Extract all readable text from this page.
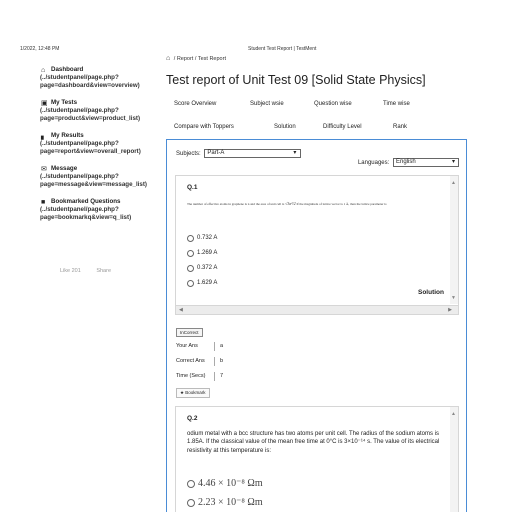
1/2022, 12:48 PM	Student Test Report | TestMent
⌂ Dashboard
(../studentpanel/page.php?page=dashboard&view=overview)
▣ My Tests
(../studentpanel/page.php?page=product&view=product_list)
▖ My Results
(../studentpanel/page.php?page=report&view=overall_report)
✉ Message
(../studentpanel/page.php?page=message&view=message_list)
■ Bookmarked Questions
(../studentpanel/page.php?page=bookmarkq&view=q_list)
Like 201	Share
⌂ / Report / Test Report
Test report of Unit Test 09 [Solid State Physics]
Score Overview	Subject wsie	Question wise	Time wise
Compare with Toppers	Solution	Difficulty Level	Rank
Subjects: Part-A	▾
Languages: English	▾
Q.1
The number of effective atoms in graphene is n and the area of unit cell is √3a²/2 If the magnitude of lattice vector is 1 Å, then the lattice parameter is
0.732 A
1.269 A
0.372 A
1.629 A
Solution
▲
▼
◀	▶
InCorrect
Your Ans	a
Correct Ans	b
Time (Secs)	7
★ Bookmark
Q.2
odium metal with a bcc structure has two atoms per unit cell. The radius of the sodium atoms is 1.85A. If the classical value of the mean free time at 0°C is 3×10⁻¹⁴ s. The value of its electrical resistivity at this temperature is:
4.46 × 10⁻⁸ Ωm
2.23 × 10⁻⁸ Ωm
▲
